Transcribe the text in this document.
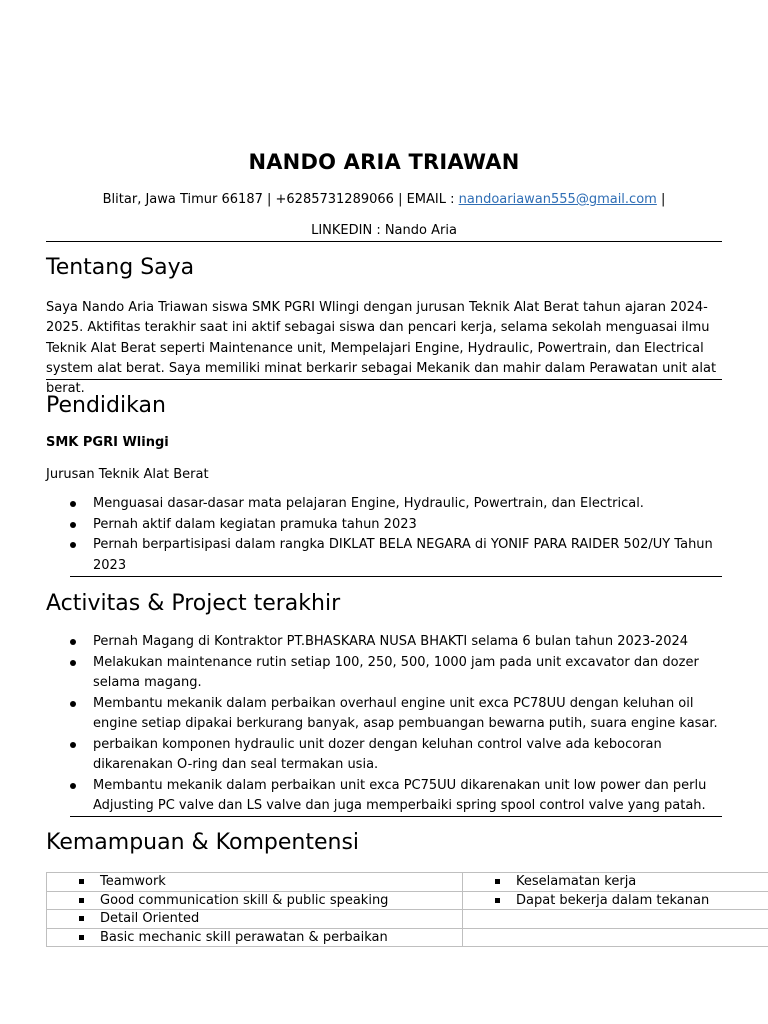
NANDO ARIA TRIAWAN
Blitar, Jawa Timur 66187 | +6285731289066 | EMAIL : nandoariawan555@gmail.com |
LINKEDIN : Nando Aria
Tentang Saya
Saya Nando Aria Triawan siswa SMK PGRI Wlingi dengan jurusan Teknik Alat Berat tahun ajaran 2024-2025. Aktifitas terakhir saat ini aktif sebagai siswa dan pencari kerja, selama sekolah menguasai ilmu Teknik Alat Berat seperti Maintenance unit, Mempelajari Engine, Hydraulic, Powertrain, dan Electrical system alat berat. Saya memiliki minat berkarir sebagai Mekanik dan mahir dalam Perawatan unit alat berat.
Pendidikan
SMK PGRI Wlingi
Jurusan Teknik Alat Berat
Menguasai dasar-dasar mata pelajaran Engine, Hydraulic, Powertrain, dan Electrical.
Pernah aktif dalam kegiatan pramuka tahun 2023
Pernah berpartisipasi dalam rangka DIKLAT BELA NEGARA di YONIF PARA RAIDER 502/UY Tahun 2023
Activitas & Project terakhir
Pernah Magang di Kontraktor PT.BHASKARA NUSA BHAKTI selama 6 bulan tahun 2023-2024
Melakukan maintenance rutin setiap 100, 250, 500, 1000 jam pada unit excavator dan dozer selama magang.
Membantu mekanik dalam perbaikan overhaul engine unit exca PC78UU dengan keluhan oil engine setiap dipakai berkurang banyak, asap pembuangan bewarna putih, suara engine kasar.
perbaikan komponen hydraulic unit dozer dengan keluhan control valve ada kebocoran dikarenakan O-ring dan seal termakan usia.
Membantu mekanik dalam perbaikan unit exca PC75UU dikarenakan unit low power dan perlu Adjusting PC valve dan LS valve dan juga memperbaiki spring spool control valve yang patah.
Kemampuan & Kompentensi
Teamwork	Keselamatan kerja

Good communication skill & public speaking	Dapat bekerja dalam tekanan

Detail Oriented	

Basic mechanic skill perawatan & perbaikan	
